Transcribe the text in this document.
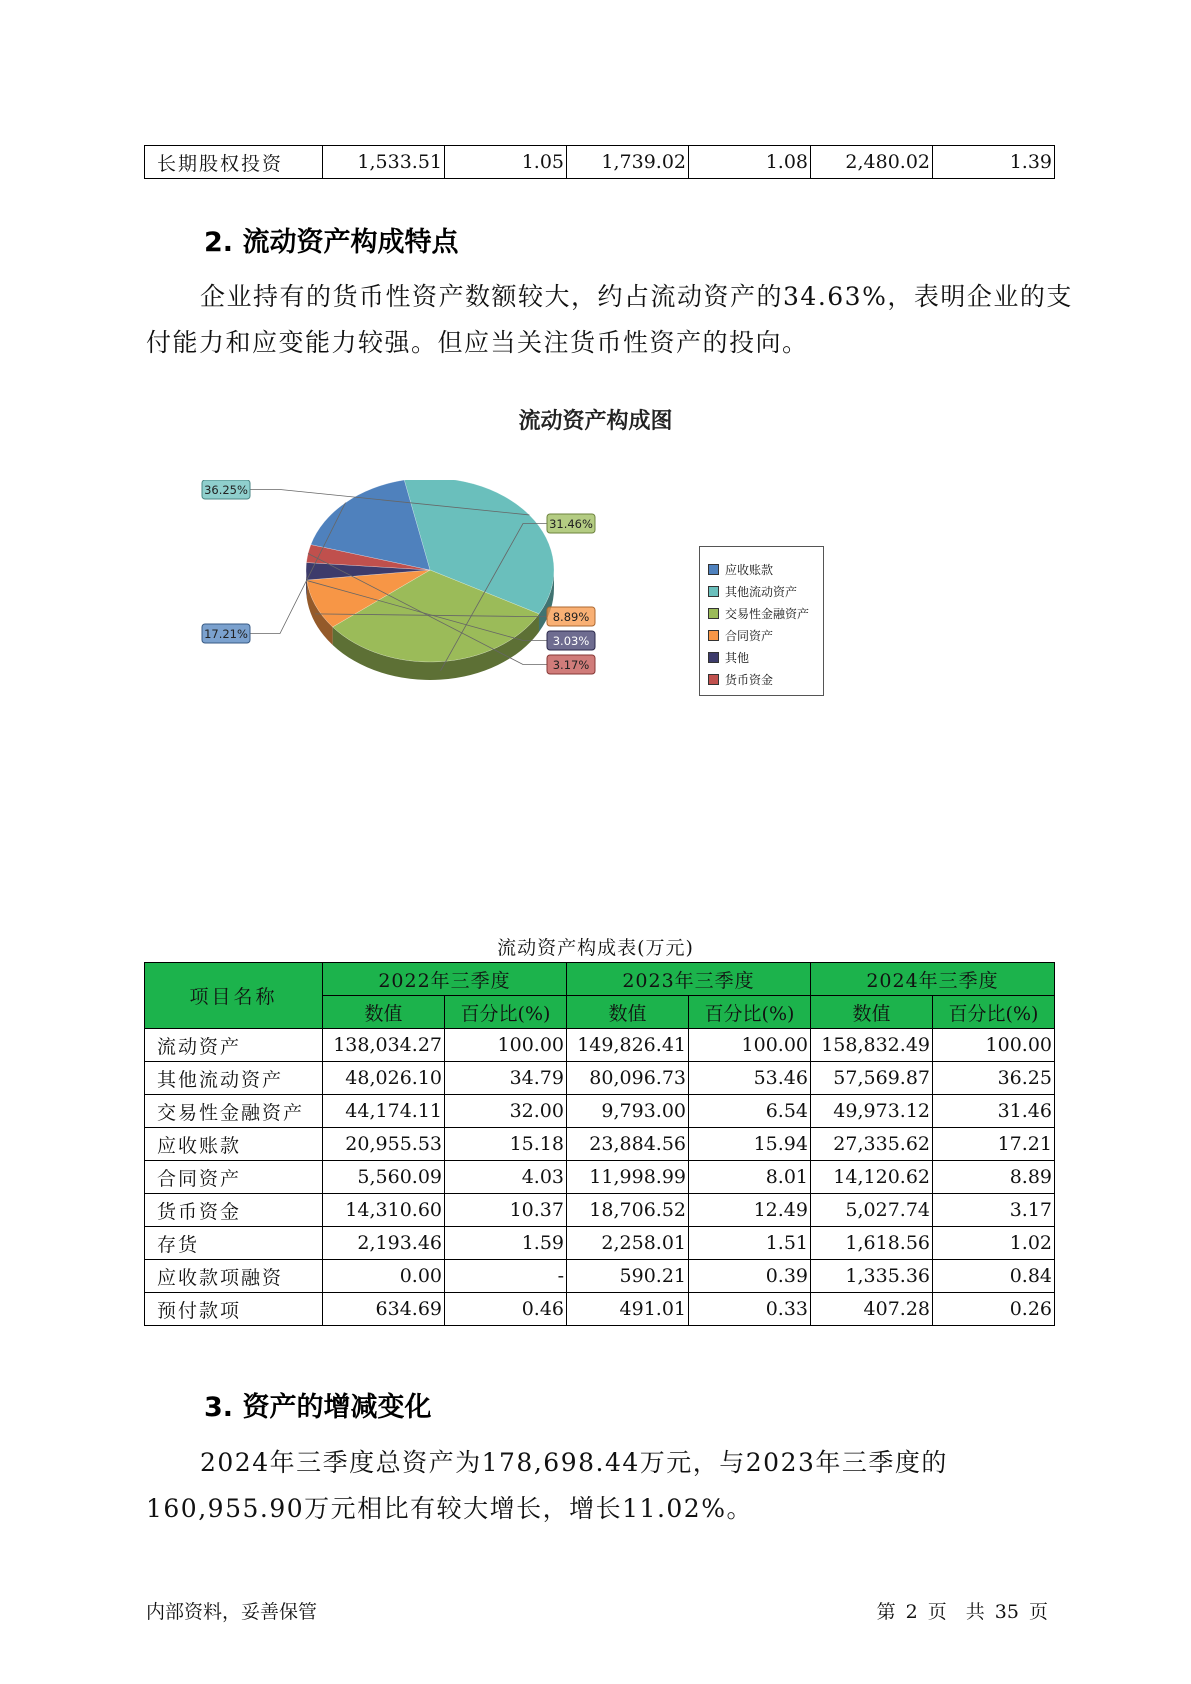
长期股权投资	1,533.51	1.05	1,739.02	1.08	2,480.02	1.39
2. 流动资产构成特点

企业持有的货币性资产数额较大，约占流动资产的34.63%，表明企业的支付能力和应变能力较强。但应当关注货币性资产的投向。

流动资产构成图
36.25%
31.46%
8.89%
3.03%
3.17%
17.21%
应收账款
其他流动资产
交易性金融资产
合同资产
其他
货币资金
流动资产构成表(万元)
项目名称	2022年三季度		2023年三季度		2024年三季度	
	数值	百分比(%)	数值	百分比(%)	数值	百分比(%)
流动资产	138,034.27	100.00	149,826.41	100.00	158,832.49	100.00
其他流动资产	48,026.10	34.79	80,096.73	53.46	57,569.87	36.25
交易性金融资产	44,174.11	32.00	9,793.00	6.54	49,973.12	31.46
应收账款	20,955.53	15.18	23,884.56	15.94	27,335.62	17.21
合同资产	5,560.09	4.03	11,998.99	8.01	14,120.62	8.89
货币资金	14,310.60	10.37	18,706.52	12.49	5,027.74	3.17
存货	2,193.46	1.59	2,258.01	1.51	1,618.56	1.02
应收款项融资	0.00	-	590.21	0.39	1,335.36	0.84
预付款项	634.69	0.46	491.01	0.33	407.28	0.26
3. 资产的增减变化

2024年三季度总资产为178,698.44万元，与2023年三季度的160,955.90万元相比有较大增长，增长11.02%。

内部资料，妥善保管	第 2 页　共 35 页
